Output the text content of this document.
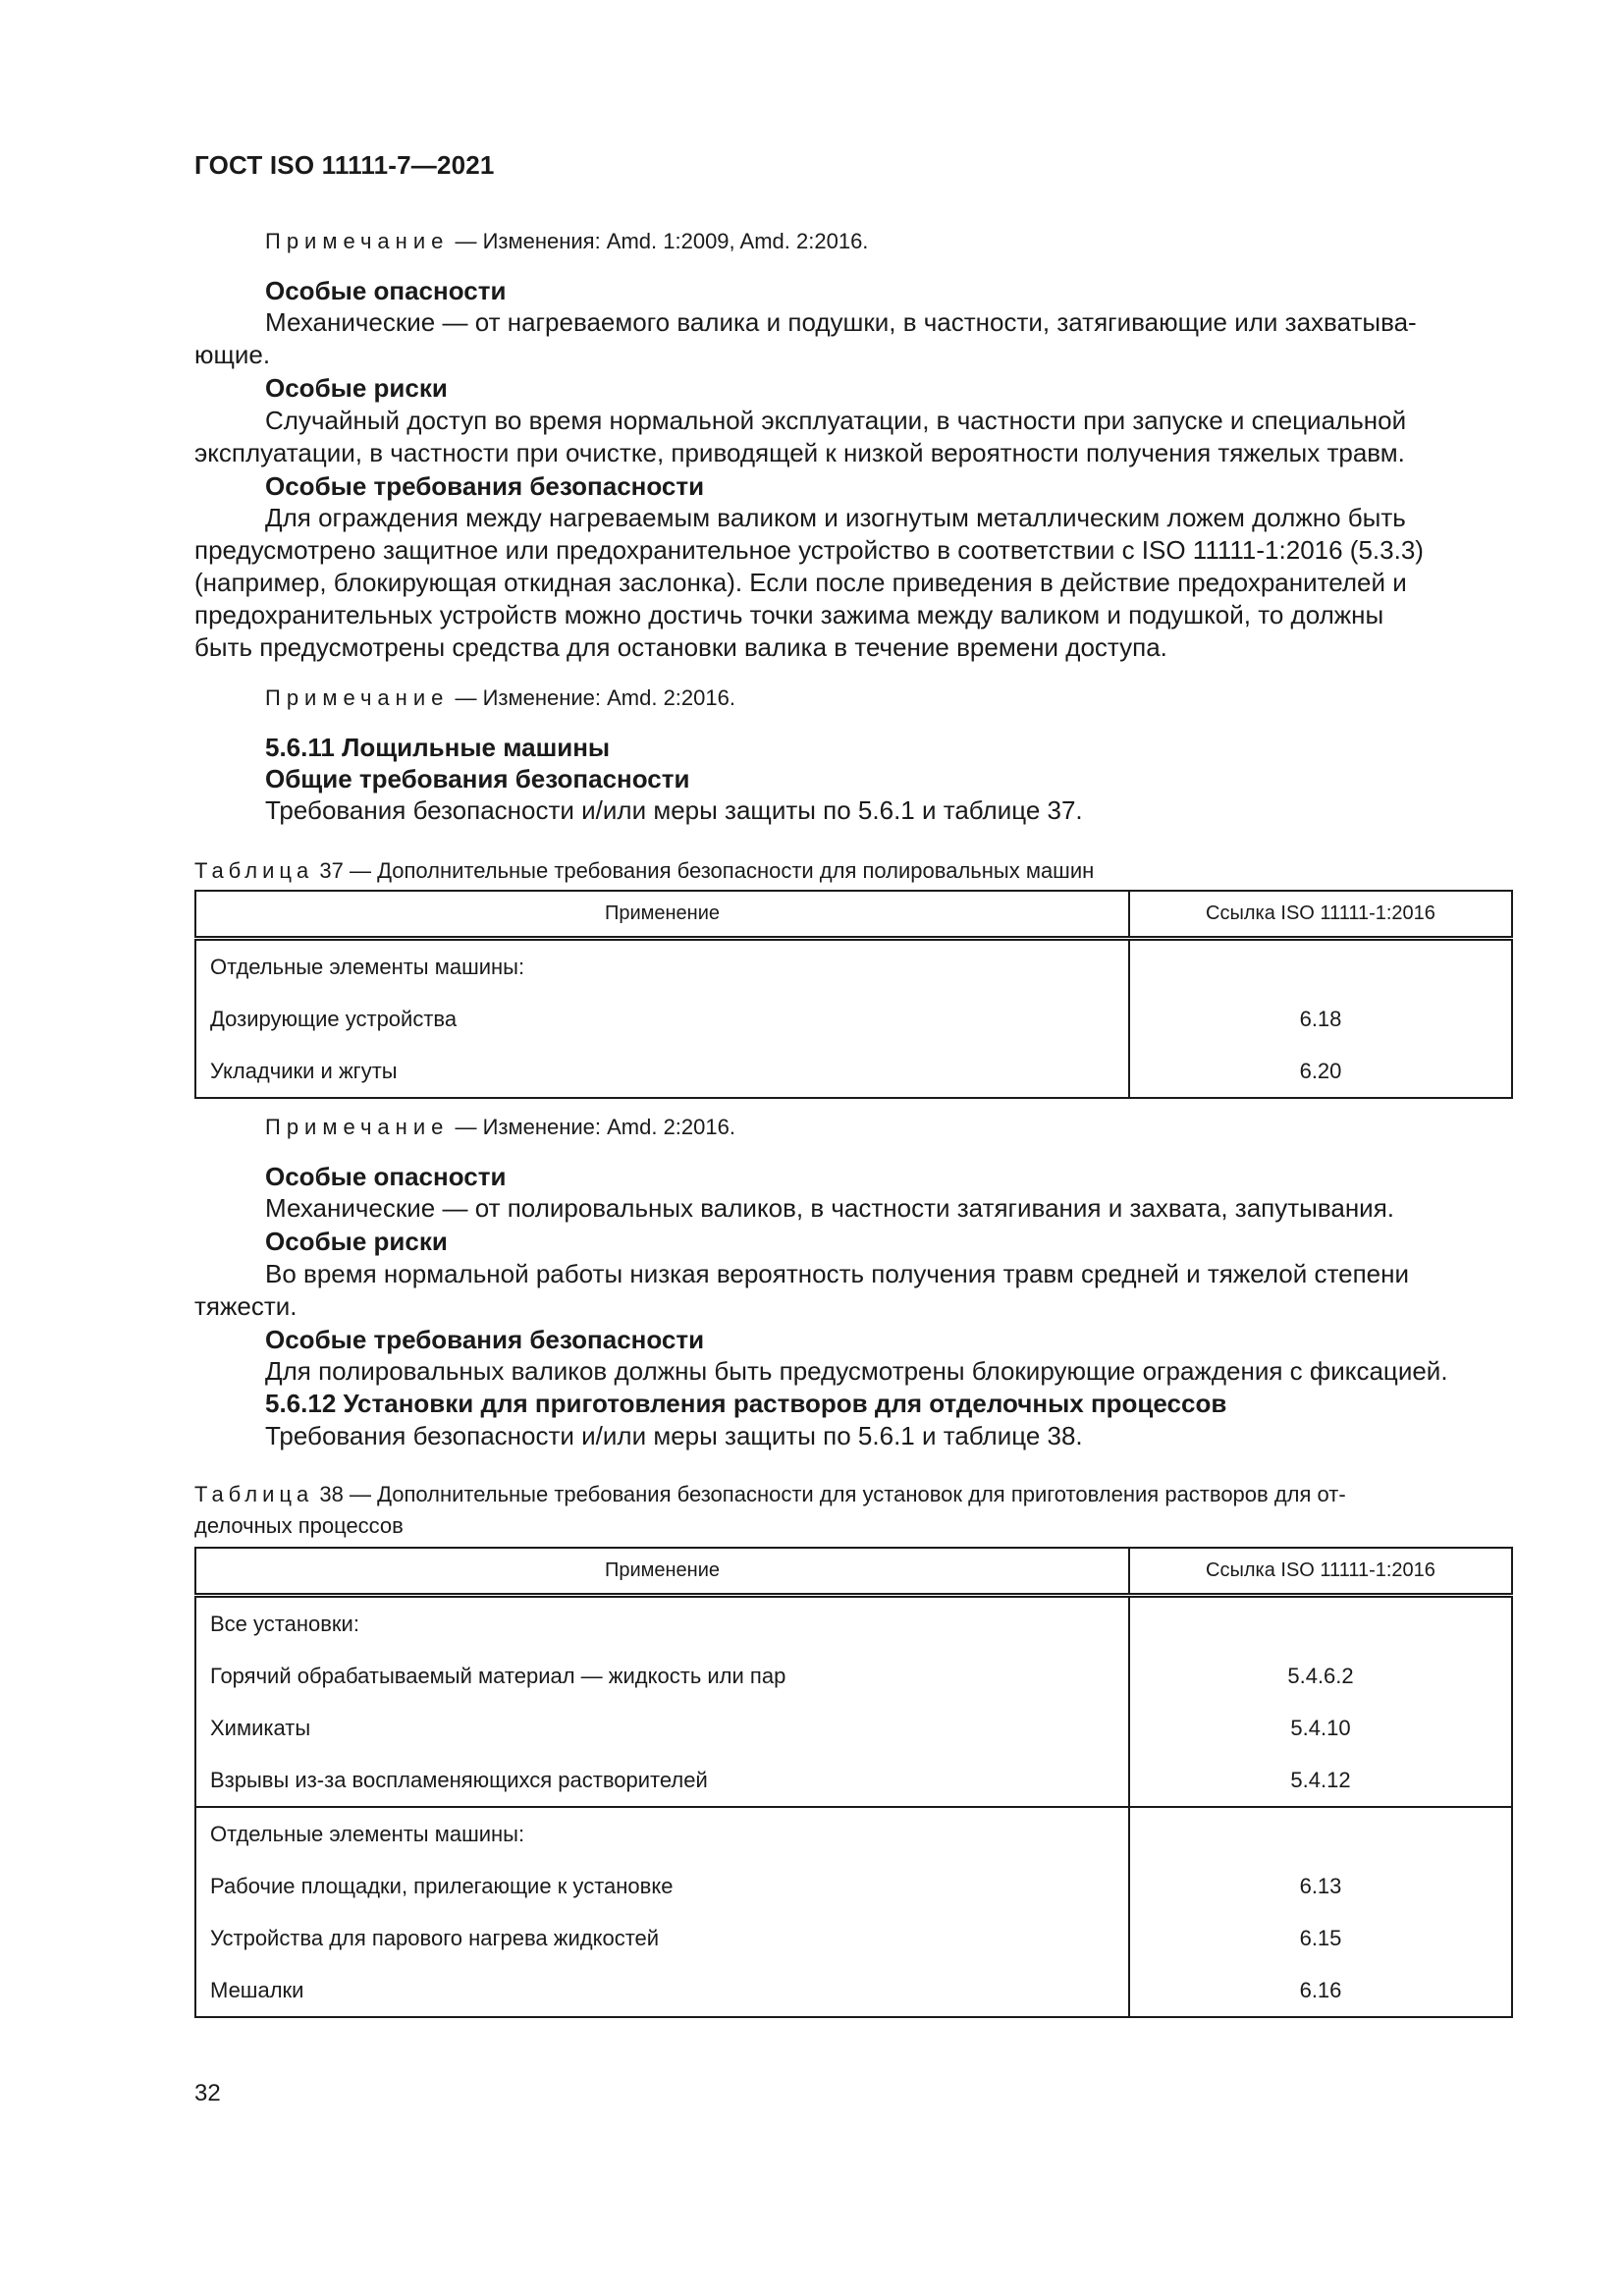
ГОСТ ISO 11111-7—2021
Примечание — Изменения: Amd. 1:2009, Amd. 2:2016.
Особые опасности
Механические — от нагреваемого валика и подушки, в частности, затягивающие или захватыва-
ющие.
Особые риски
Случайный доступ во время нормальной эксплуатации, в частности при запуске и специальной
эксплуатации, в частности при очистке, приводящей к низкой вероятности получения тяжелых травм.
Особые требования безопасности
Для ограждения между нагреваемым валиком и изогнутым металлическим ложем должно быть
предусмотрено защитное или предохранительное устройство в соответствии с ISO 11111-1:2016 (5.3.3)
(например, блокирующая откидная заслонка). Если после приведения в действие предохранителей и
предохранительных устройств можно достичь точки зажима между валиком и подушкой, то должны
быть предусмотрены средства для остановки валика в течение времени доступа.
Примечание — Изменение: Amd. 2:2016.
5.6.11 Лощильные машины
Общие требования безопасности
Требования безопасности и/или меры защиты по 5.6.1 и таблице 37.
Таблица 37 — Дополнительные требования безопасности для полировальных машин
Применение	Ссылка ISO 11111-1:2016
Отдельные элементы машины:	
Дозирующие устройства	6.18
Укладчики и жгуты	6.20
Примечание — Изменение: Amd. 2:2016.
Особые опасности
Механические — от полировальных валиков, в частности затягивания и захвата, запутывания.
Особые риски
Во время нормальной работы низкая вероятность получения травм средней и тяжелой степени
тяжести.
Особые требования безопасности
Для полировальных валиков должны быть предусмотрены блокирующие ограждения с фиксацией.
5.6.12 Установки для приготовления растворов для отделочных процессов
Требования безопасности и/или меры защиты по 5.6.1 и таблице 38.
Таблица 38 — Дополнительные требования безопасности для установок для приготовления растворов для от-
делочных процессов
Применение	Ссылка ISO 11111-1:2016
Все установки:	
Горячий обрабатываемый материал — жидкость или пар	5.4.6.2
Химикаты	5.4.10
Взрывы из-за воспламеняющихся растворителей	5.4.12
Отдельные элементы машины:	
Рабочие площадки, прилегающие к установке	6.13
Устройства для парового нагрева жидкостей	6.15
Мешалки	6.16
32
